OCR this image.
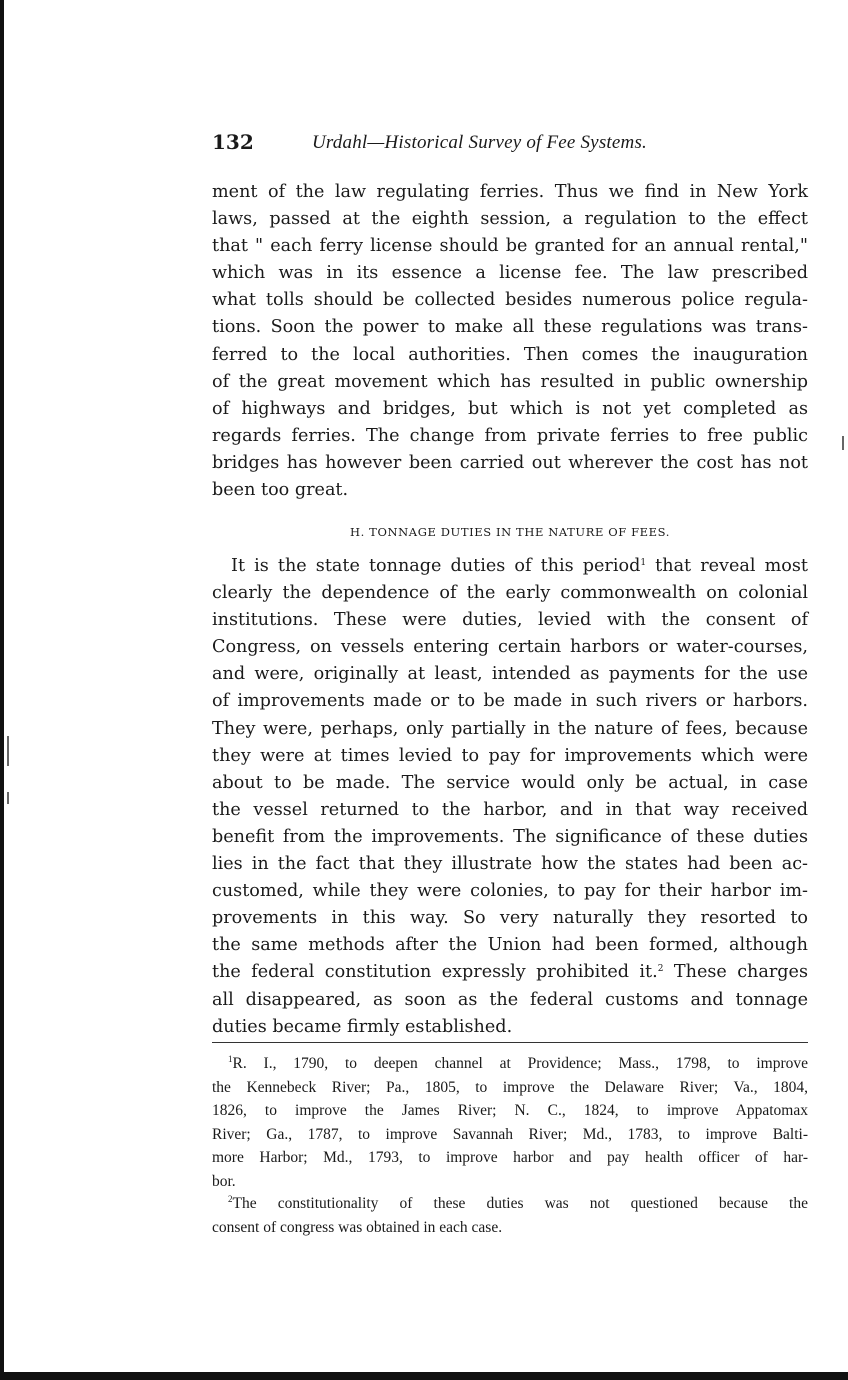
132	Urdahl—Historical Survey of Fee Systems.
ment of the law regulating ferries. Thus we find in New York
laws, passed at the eighth session, a regulation to the effect
that " each ferry license should be granted for an annual rental,"
which was in its essence a license fee. The law prescribed
what tolls should be collected besides numerous police regula-
tions. Soon the power to make all these regulations was trans-
ferred to the local authorities. Then comes the inauguration
of the great movement which has resulted in public ownership
of highways and bridges, but which is not yet completed as
regards ferries. The change from private ferries to free public
bridges has however been carried out wherever the cost has not
been too great.
H. TONNAGE DUTIES IN THE NATURE OF FEES.
It is the state tonnage duties of this period$^1$ that reveal most
clearly the dependence of the early commonwealth on colonial
institutions. These were duties, levied with the consent of
Congress, on vessels entering certain harbors or water-courses,
and were, originally at least, intended as payments for the use
of improvements made or to be made in such rivers or harbors.
They were, perhaps, only partially in the nature of fees, because
they were at times levied to pay for improvements which were
about to be made. The service would only be actual, in case
the vessel returned to the harbor, and in that way received
benefit from the improvements. The significance of these duties
lies in the fact that they illustrate how the states had been ac-
customed, while they were colonies, to pay for their harbor im-
provements in this way. So very naturally they resorted to
the same methods after the Union had been formed, although
the federal constitution expressly prohibited it.$^2$ These charges
all disappeared, as soon as the federal customs and tonnage
duties became firmly established.
$^1$R. I., 1790, to deepen channel at Providence; Mass., 1798, to improve
the Kennebeck River; Pa., 1805, to improve the Delaware River; Va., 1804,
1826, to improve the James River; N. C., 1824, to improve Appatomax
River; Ga., 1787, to improve Savannah River; Md., 1783, to improve Balti-
more Harbor; Md., 1793, to improve harbor and pay health officer of har-
bor.
$^2$The constitutionality of these duties was not questioned because the
consent of congress was obtained in each case.
